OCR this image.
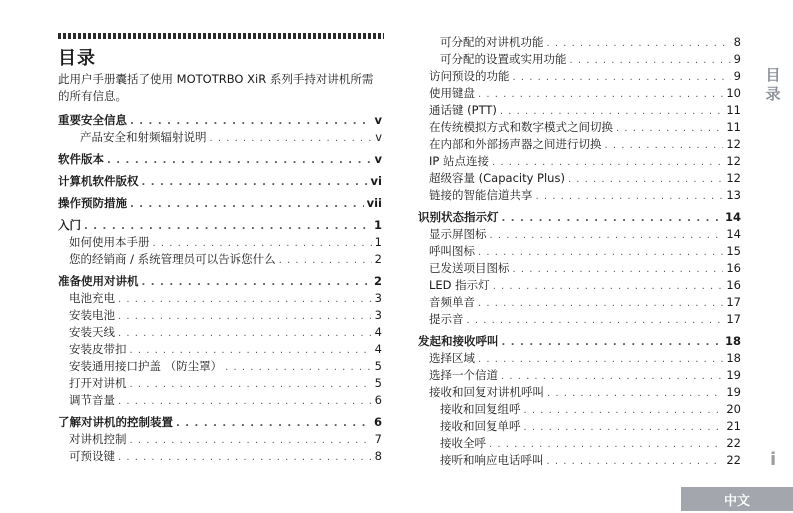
目录

此用户手册囊括了使用 MOTOTRBO XiR 系列手持对讲机所需的所有信息。

重要安全信息 . . .	v
产品安全和射频辐射说明 . . .	v
软件版本 . . .	v
计算机软件版权 . . .	vi
操作预防措施 . . .	vii
入门 . . .	1
如何使用本手册 . . .	1
您的经销商 / 系统管理员可以告诉您什么 . . .	2
准备使用对讲机 . . .	2
电池充电 . . .	3
安装电池 . . .	3
安装天线 . . .	4
安装皮带扣 . . .	4
安装通用接口护盖 （防尘罩） . . .	5
打开对讲机 . . .	5
调节音量 . . .	6
了解对讲机的控制装置 . . .	6
对讲机控制 . . .	7
可预设键 . . .	8
可分配的对讲机功能 . . .	8
可分配的设置或实用功能 . . .	9
访问预设的功能 . . .	9
使用键盘 . . .	10
通话键 (PTT) . . .	11
在传统模拟方式和数字模式之间切换 . . .	11
在内部和外部扬声器之间进行切换 . . .	12
IP 站点连接 . . .	12
超级容量 (Capacity Plus) . . .	12
链接的智能信道共享 . . .	13
识别状态指示灯 . . .	14
显示屏图标 . . .	14
呼叫图标 . . .	15
已发送项目图标 . . .	16
LED 指示灯 . . .	16
音频单音 . . .	17
提示音 . . .	17
发起和接收呼叫 . . .	18
选择区域 . . .	18
选择一个信道 . . .	19
接收和回复对讲机呼叫 . . .	19
接收和回复组呼 . . .	20
接收和回复单呼 . . .	21
接收全呼 . . .	22
接听和响应电话呼叫 . . .	22
目
录
i
中文
